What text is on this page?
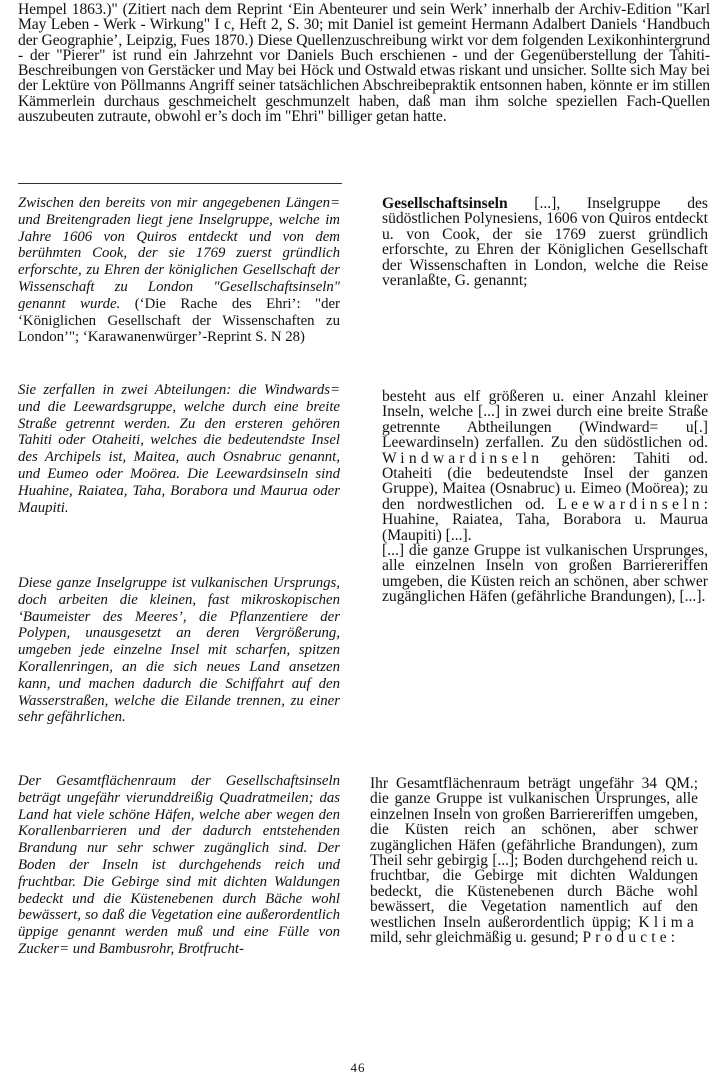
Hempel 1863.)" (Zitiert nach dem Reprint ‘Ein Abenteurer und sein Werk’ innerhalb der Archiv-Edition "Karl May Leben - Werk - Wirkung" I c, Heft 2, S. 30; mit Daniel ist gemeint Hermann Adalbert Daniels ‘Handbuch der Geographie’, Leipzig, Fues 1870.) Diese Quellenzuschreibung wirkt vor dem folgenden Lexikonhintergrund - der "Pierer" ist rund ein Jahrzehnt vor Daniels Buch erschienen - und der Gegenüberstellung der Tahiti-Beschreibungen von Gerstäcker und May bei Höck und Ostwald etwas riskant und unsicher. Sollte sich May bei der Lektüre von Pöllmanns Angriff seiner tatsächlichen Abschreibepraktik entsonnen haben, könnte er im stillen Kämmerlein durchaus geschmeichelt geschmunzelt haben, daß man ihm solche speziellen Fach-Quellen auszubeuten zutraute, obwohl er’s doch im "Ehri" billiger getan hatte.

Zwischen den bereits von mir angegebenen Längen= und Breitengraden liegt jene Inselgruppe, welche im Jahre 1606 von Quiros entdeckt und von dem berühmten Cook, der sie 1769 zuerst gründlich erforschte, zu Ehren der königlichen Gesellschaft der Wissenschaft zu London "Gesellschaftsinseln" genannt wurde. (‘Die Rache des Ehri’: "der ‘Königlichen Gesellschaft der Wissenschaften zu London’"; ‘Karawanenwürger’-Reprint S. N 28)
Gesellschaftsinseln [...], Inselgruppe des südöstlichen Polynesiens, 1606 von Quiros entdeckt u. von Cook, der sie 1769 zuerst gründlich erforschte, zu Ehren der Königlichen Gesellschaft der Wissenschaften in London, welche die Reise veranlaßte, G. genannt;
Sie zerfallen in zwei Abteilungen: die Windwards= und die Leewardsgruppe, welche durch eine breite Straße getrennt werden. Zu den ersteren gehören Tahiti oder Otaheiti, welches die bedeutendste Insel des Archipels ist, Maitea, auch Osnabruc genannt, und Eumeo oder Moörea. Die Leewardsinseln sind Huahine, Raiatea, Taha, Borabora und Maurua oder Maupiti.
besteht aus elf größeren u. einer Anzahl kleiner Inseln, welche [...] in zwei durch eine breite Straße getrennte Abtheilungen (Windward= u[.] Leewardinseln) zerfallen. Zu den südöstlichen od. Windwardinseln gehören: Tahiti od. Otaheiti (die bedeutendste Insel der ganzen Gruppe), Maitea (Osnabruc) u. Eimeo (Moörea); zu den nordwestlichen od. Leewardinseln: Huahine, Raiatea, Taha, Borabora u. Maurua (Maupiti) [...].
[...] die ganze Gruppe ist vulkanischen Ursprunges, alle einzelnen Inseln von großen Barriereriffen umgeben, die Küsten reich an schönen, aber schwer zugänglichen Häfen (gefährliche Brandungen), [...].
Diese ganze Inselgruppe ist vulkanischen Ursprungs, doch arbeiten die kleinen, fast mikroskopischen ‘Baumeister des Meeres’, die Pflanzentiere der Polypen, unausgesetzt an deren Vergrößerung, umgeben jede einzelne Insel mit scharfen, spitzen Korallenringen, an die sich neues Land ansetzen kann, und machen dadurch die Schiffahrt auf den Wasserstraßen, welche die Eilande trennen, zu einer sehr gefährlichen.
Der Gesamtflächenraum der Gesellschaftsinseln beträgt ungefähr vierunddreißig Quadratmeilen; das Land hat viele schöne Häfen, welche aber wegen den Korallenbarrieren und der dadurch entstehenden Brandung nur sehr schwer zugänglich sind. Der Boden der Inseln ist durchgehends reich und fruchtbar. Die Gebirge sind mit dichten Waldungen bedeckt und die Küstenebenen durch Bäche wohl bewässert, so daß die Vegetation eine außerordentlich üppige genannt werden muß und eine Fülle von Zucker= und Bambusrohr, Brotfrucht-
Ihr Gesamtflächenraum beträgt ungefähr 34 QM.; die ganze Gruppe ist vulkanischen Ursprunges, alle einzelnen Inseln von großen Barriereriffen umgeben, die Küsten reich an schönen, aber schwer zugänglichen Häfen (gefährliche Brandungen), zum Theil sehr gebirgig [...]; Boden durchgehend reich u. fruchtbar, die Gebirge mit dichten Waldungen bedeckt, die Küstenebenen durch Bäche wohl bewässert, die Vegetation namentlich auf den westlichen Inseln außerordentlich üppig; Klima mild, sehr gleichmäßig u. gesund; Producte:
46
